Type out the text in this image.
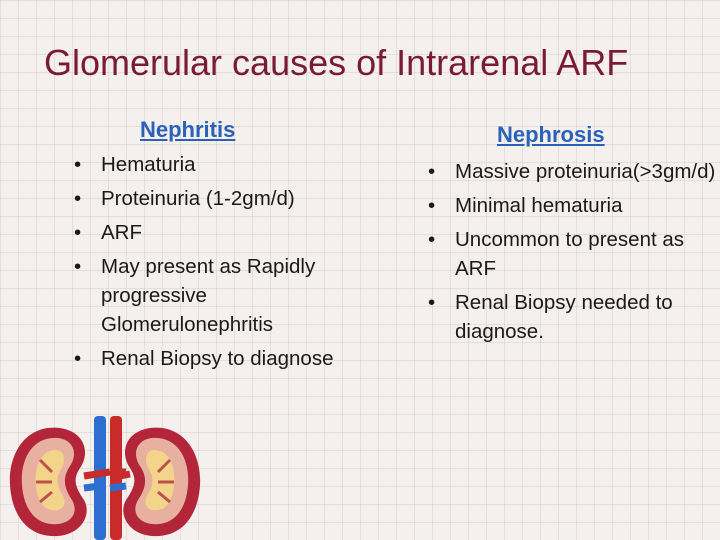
Glomerular causes of Intrarenal ARF
Nephritis
• Hematuria
• Proteinuria (1-2gm/d)
• ARF
• May present as Rapidly progressive Glomerulonephritis
• Renal Biopsy to diagnose
Nephrosis
• Massive proteinuria(>3gm/d)
• Minimal hematuria
• Uncommon to present as ARF
• Renal Biopsy needed to diagnose.
